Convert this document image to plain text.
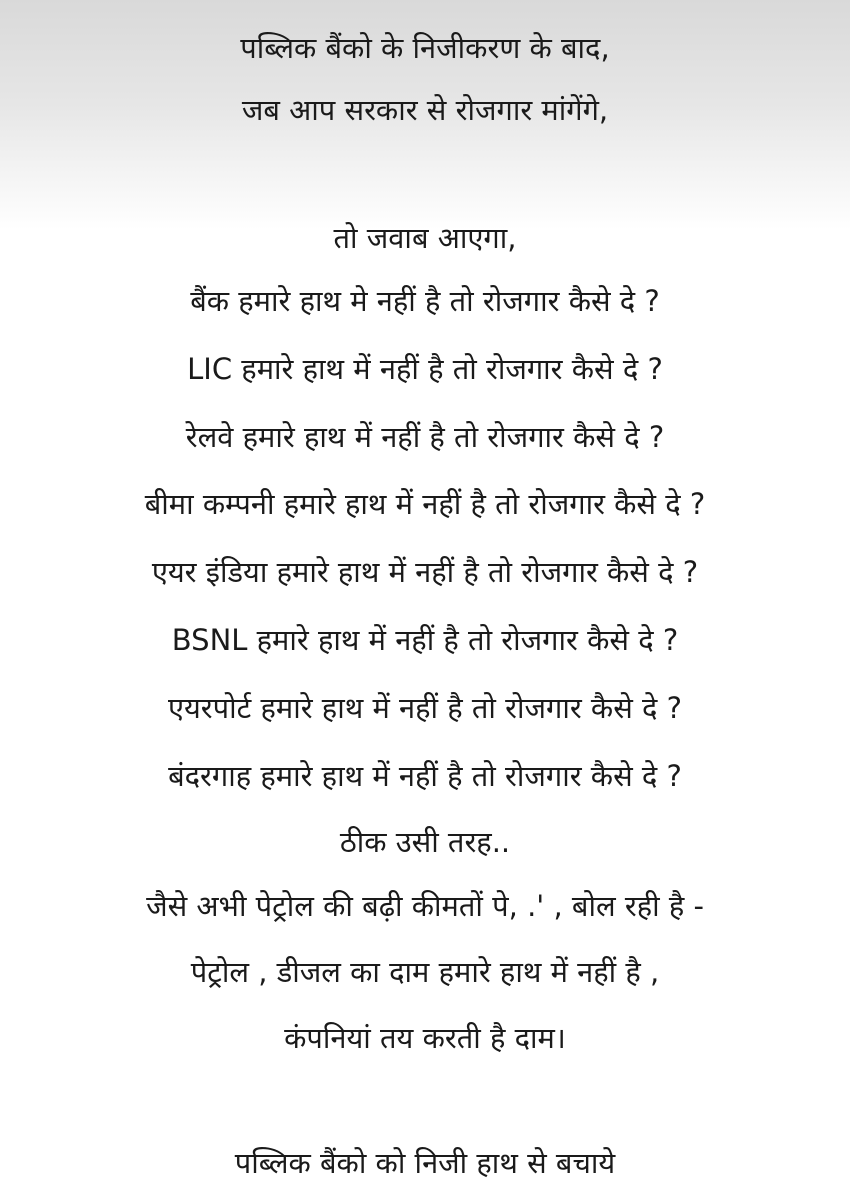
पब्लिक बैंको के निजीकरण के बाद,
जब आप सरकार से रोजगार मांगेंगे,
तो जवाब आएगा,
बैंक हमारे हाथ मे नहीं है तो रोजगार कैसे दे ?
LIC हमारे हाथ में नहीं है तो रोजगार कैसे दे ?
रेलवे हमारे हाथ में नहीं है तो रोजगार कैसे दे ?
बीमा कम्पनी हमारे हाथ में नहीं है तो रोजगार कैसे दे ?
एयर इंडिया हमारे हाथ में नहीं है तो रोजगार कैसे दे ?
BSNL हमारे हाथ में नहीं है तो रोजगार कैसे दे ?
एयरपोर्ट हमारे हाथ में नहीं है तो रोजगार कैसे दे ?
बंदरगाह हमारे हाथ में नहीं है तो रोजगार कैसे दे ?
ठीक उसी तरह..
जैसे अभी पेट्रोल की बढ़ी कीमतों पे, .' , बोल रही है -
पेट्रोल , डीजल का दाम हमारे हाथ में नहीं है ,
कंपनियां तय करती है दाम।
पब्लिक बैंको को निजी हाथ से बचाये
